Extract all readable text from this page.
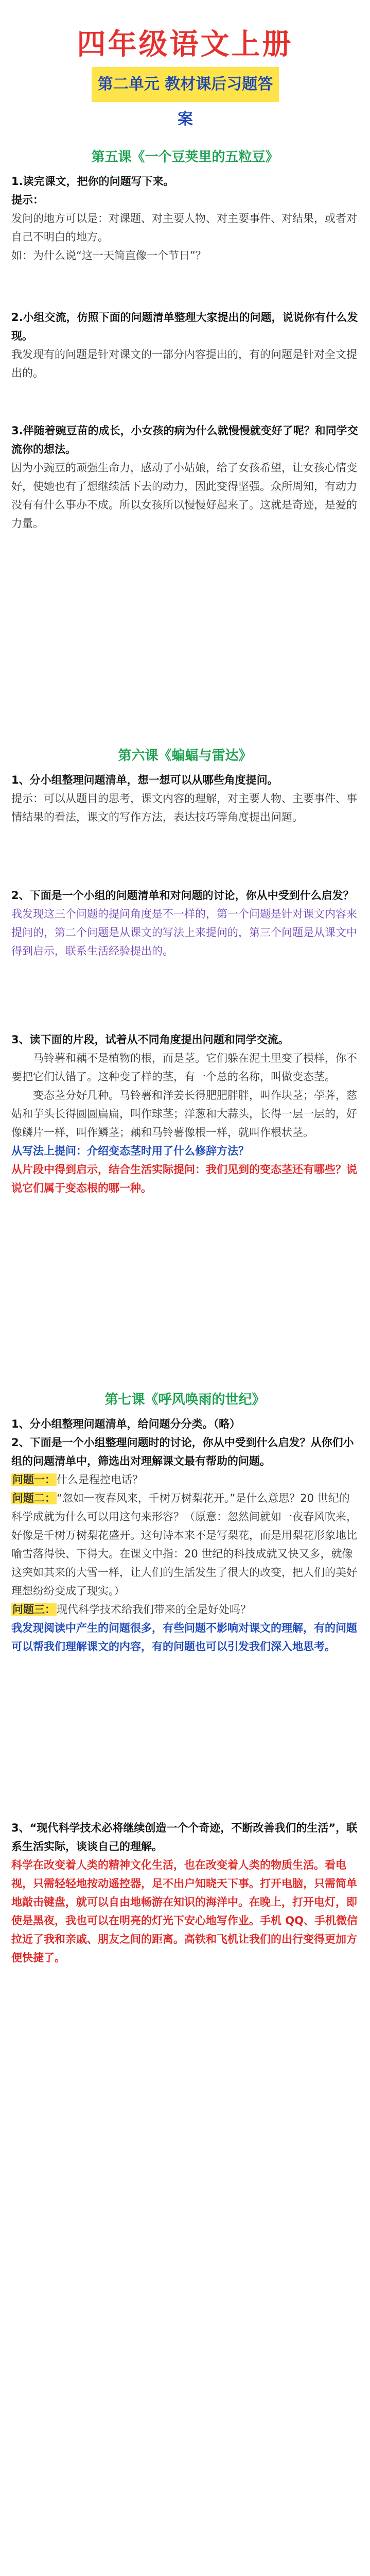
四年级语文上册
第二单元 教材课后习题答案
第五课《一个豆荚里的五粒豆》

1.读完课文，把你的问题写下来。

提示：

发问的地方可以是：对课题、对主要人物、对主要事件、对结果，或者对自己不明白的地方。

如：为什么说“这一天简直像一个节日”？

2.小组交流，仿照下面的问题清单整理大家提出的问题，说说你有什么发现。

我发现有的问题是针对课文的一部分内容提出的，有的问题是针对全文提出的。

3.伴随着豌豆苗的成长，小女孩的病为什么就慢慢就变好了呢？和同学交流你的想法。

因为小豌豆的顽强生命力，感动了小姑娘，给了女孩希望，让女孩心情变好，使她也有了想继续活下去的动力，因此变得坚强。众所周知，有动力没有有什么事办不成。所以女孩所以慢慢好起来了。这就是奇迹，是爱的力量。

第六课《蝙蝠与雷达》

1、分小组整理问题清单，想一想可以从哪些角度提问。

提示：可以从题目的思考，课文内容的理解，对主要人物、主要事件、事情结果的看法，课文的写作方法，表达技巧等角度提出问题。

2、下面是一个小组的问题清单和对问题的讨论，你从中受到什么启发？

我发现这三个问题的提问角度是不一样的，第一个问题是针对课文内容来提问的，第二个问题是从课文的写法上来提问的，第三个问题是从课文中得到启示，联系生活经验提出的。

3、读下面的片段，试着从不同角度提出问题和同学交流。

马铃薯和藕不是植物的根，而是茎。它们躲在泥土里变了模样，你不要把它们认错了。这种变了样的茎，有一个总的名称，叫做变态茎。

变态茎分好几种。马铃薯和洋姜长得肥肥胖胖，叫作块茎；荸荠，慈姑和芋头长得圆圆扁扁，叫作球茎；洋葱和大蒜头，长得一层一层的，好像鳞片一样，叫作鳞茎；藕和马铃薯像根一样，就叫作根状茎。

从写法上提问：介绍变态茎时用了什么修辞方法？

从片段中得到启示，结合生活实际提问：我们见到的变态茎还有哪些？说说它们属于变态根的哪一种。

第七课《呼风唤雨的世纪》

1、分小组整理问题清单，给问题分分类。（略）

2、下面是一个小组整理问题时的讨论，你从中受到什么启发？从你们小组的问题清单中，筛选出对理解课文最有帮助的问题。

问题一：什么是程控电话？

问题二：“忽如一夜春风来，千树万树梨花开。”是什么意思？20 世纪的科学成就为什么可以用这句来形容？（原意：忽然间就如一夜春风吹来，好像是千树万树梨花盛开。这句诗本来不是写梨花，而是用梨花形象地比喻雪落得快、下得大。在课文中指：20 世纪的科技成就又快又多，就像这突如其来的大雪一样，让人们的生活发生了很大的改变，把人们的美好理想纷纷变成了现实。）

问题三：现代科学技术给我们带来的全是好处吗？

我发现阅读中产生的问题很多，有些问题不影响对课文的理解，有的问题可以帮我们理解课文的内容，有的问题也可以引发我们深入地思考。

3、“现代科学技术必将继续创造一个个奇迹，不断改善我们的生活”，联系生活实际，谈谈自己的理解。

科学在改变着人类的精神文化生活，也在改变着人类的物质生活。看电视，只需轻轻地按动遥控器，足不出户知晓天下事。打开电脑，只需简单地敲击键盘，就可以自由地畅游在知识的海洋中。在晚上，打开电灯，即使是黑夜，我也可以在明亮的灯光下安心地写作业。手机 QQ、手机微信拉近了我和亲戚、朋友之间的距离。高铁和飞机让我们的出行变得更加方便快捷了。
